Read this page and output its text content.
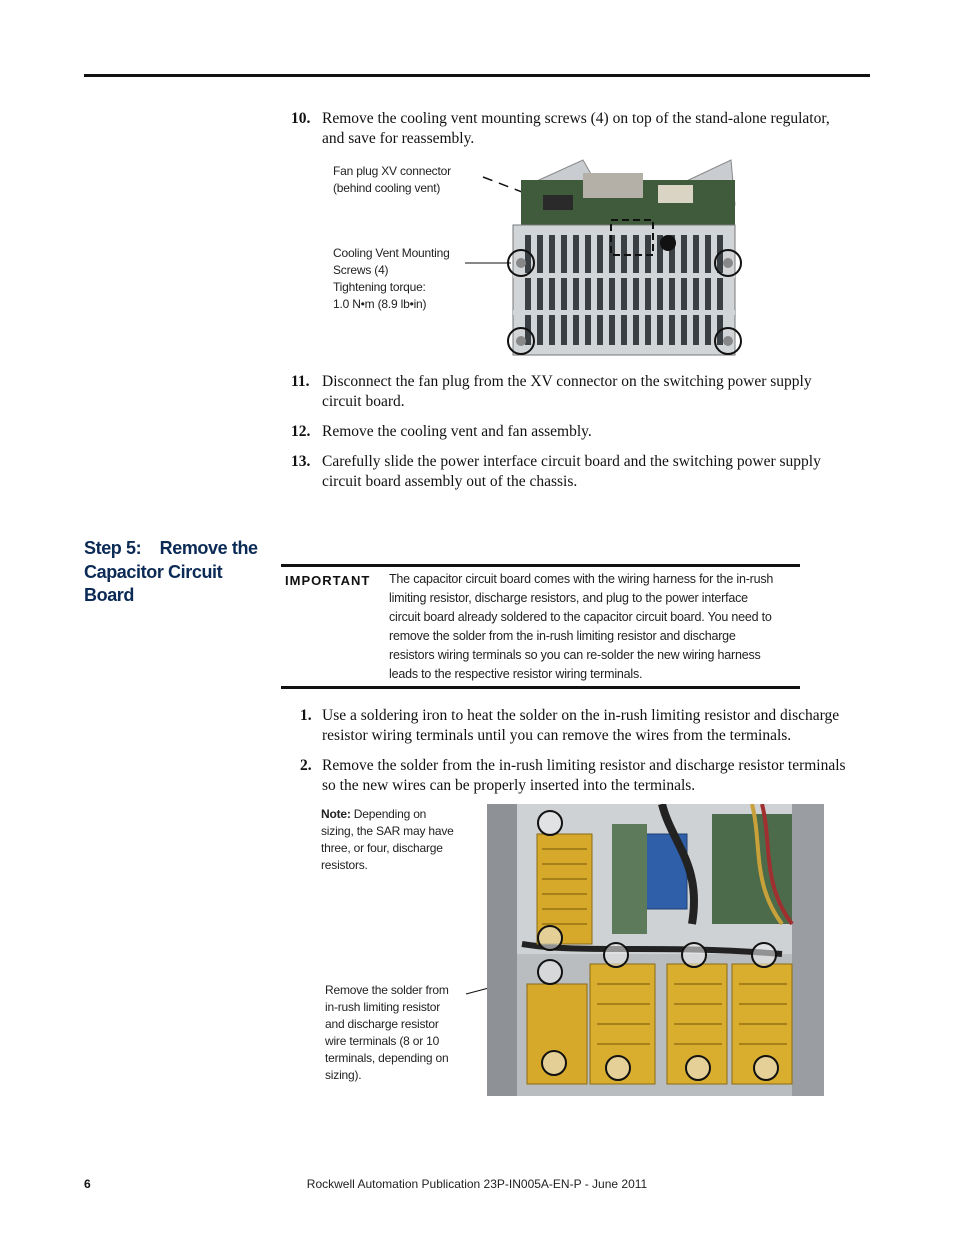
10. Remove the cooling vent mounting screws (4) on top of the stand-alone regulator,
and save for reassembly.
Fan plug XV connector
(behind cooling vent)
Cooling Vent Mounting
Screws (4)
Tightening torque:
1.0 N•m (8.9 lb•in)
11. Disconnect the fan plug from the XV connector on the switching power supply
circuit board.
12. Remove the cooling vent and fan assembly.
13. Carefully slide the power interface circuit board and the switching power supply
circuit board assembly out of the chassis.
Step 5:    Remove the
Capacitor Circuit
Board
IMPORTANT The capacitor circuit board comes with the wiring harness for the in-rush
limiting resistor, discharge resistors, and plug to the power interface
circuit board already soldered to the capacitor circuit board. You need to
remove the solder from the in-rush limiting resistor and discharge
resistors wiring terminals so you can re-solder the new wiring harness
leads to the respective resistor wiring terminals.
1. Use a soldering iron to heat the solder on the in-rush limiting resistor and discharge
resistor wiring terminals until you can remove the wires from the terminals.
2. Remove the solder from the in-rush limiting resistor and discharge resistor terminals
so the new wires can be properly inserted into the terminals.
Note: Depending on
sizing, the SAR may have
three, or four, discharge
resistors.
Remove the solder from
in-rush limiting resistor
and discharge resistor
wire terminals (8 or 10
terminals, depending on
sizing).
6	Rockwell Automation Publication 23P-IN005A-EN-P - June 2011
